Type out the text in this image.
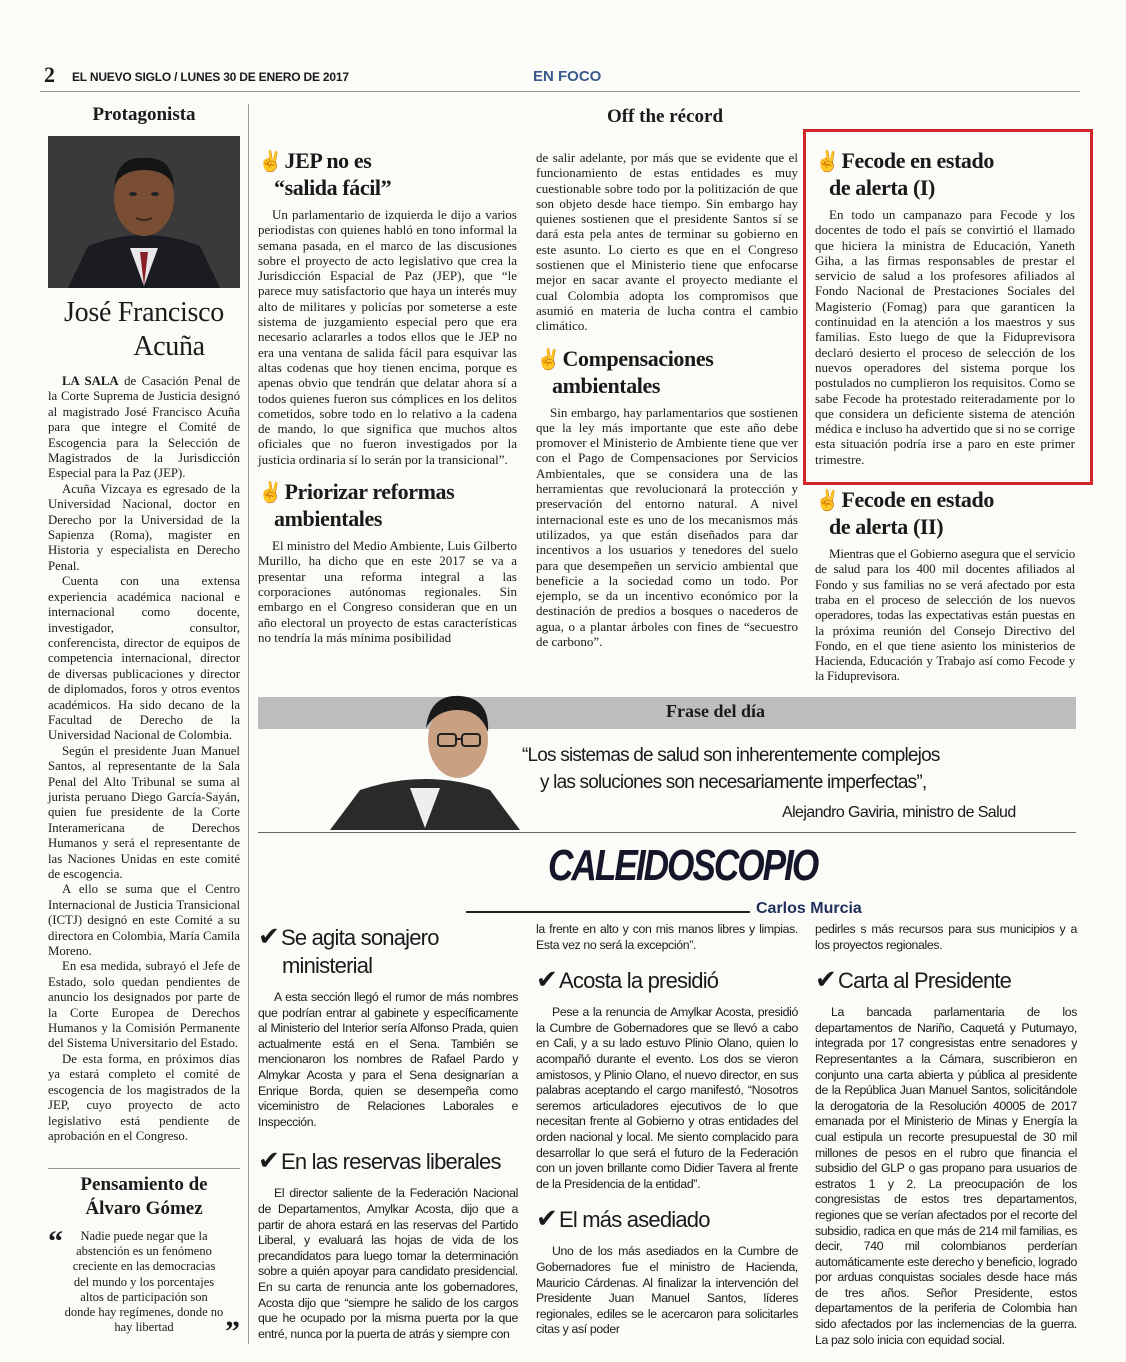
2 EL NUEVO SIGLO / LUNES 30 DE ENERO DE 2017	EN FOCO
Protagonista
José Francisco
Acuña

LA SALA de Casación Penal de la Corte Suprema de Justicia designó al magistrado José Francisco Acuña para que integre el Comité de Escogencia para la Selección de Magistrados de la Jurisdicción Especial para la Paz (JEP).

Acuña Vizcaya es egresado de la Universidad Nacional, doctor en Derecho por la Universidad de la Sapienza (Roma), magister en Historia y especialista en Derecho Penal.

Cuenta con una extensa experiencia académica nacional e internacional como docente, investigador, consultor, conferencista, director de equipos de competencia internacional, director de diversas publicaciones y director de diplomados, foros y otros eventos académicos. Ha sido decano de la Facultad de Derecho de la Universidad Nacional de Colombia.

Según el presidente Juan Manuel Santos, al representante de la Sala Penal del Alto Tribunal se suma al jurista peruano Diego García-Sayán, quien fue presidente de la Corte Interamericana de Derechos Humanos y será el representante de las Naciones Unidas en este comité de escogencia.

A ello se suma que el Centro Internacional de Justicia Transicional (ICTJ) designó en este Comité a su directora en Colombia, María Camila Moreno.

En esa medida, subrayó el Jefe de Estado, solo quedan pendientes de anuncio los designados por parte de la Corte Europea de Derechos Humanos y la Comisión Permanente del Sistema Universitario del Estado.

De esta forma, en próximos días ya estará completo el comité de escogencia de los magistrados de la JEP, cuyo proyecto de acto legislativo está pendiente de aprobación en el Congreso.

Pensamiento de
Álvaro Gómez
“	Nadie puede negar que la abstención es un fenómeno creciente en las democracias del mundo y los porcentajes altos de participación son donde hay regímenes, donde no hay libertad	”
Off the récord
✌JEP no es
“salida fácil”

Un parlamentario de izquierda le dijo a varios periodistas con quienes habló en tono informal la semana pasada, en el marco de las discusiones sobre el proyecto de acto legislativo que crea la Jurisdicción Espacial de Paz (JEP), que “le parece muy satisfactorio que haya un interés muy alto de militares y policías por someterse a este sistema de juzgamiento especial pero que era necesario aclararles a todos ellos que le JEP no era una ventana de salida fácil para esquivar las altas codenas que hoy tienen encima, porque es apenas obvio que tendrán que delatar ahora sí a todos quienes fueron sus cómplices en los delitos cometidos, sobre todo en lo relativo a la cadena de mando, lo que significa que muchos altos oficiales que no fueron investigados por la justicia ordinaria sí lo serán por la transicional”.

✌Priorizar reformas
ambientales

El ministro del Medio Ambiente, Luis Gilberto Murillo, ha dicho que en este 2017 se va a presentar una reforma integral a las corporaciones autónomas regionales. Sin embargo en el Congreso consideran que en un año electoral un proyecto de estas características no tendría la más mínima posibilidad

de salir adelante, por más que se evidente que el funcionamiento de estas entidades es muy cuestionable sobre todo por la politización de que son objeto desde hace tiempo. Sin embargo hay quienes sostienen que el presidente Santos sí se dará esta pela antes de terminar su gobierno en este asunto. Lo cierto es que en el Congreso sostienen que el Ministerio tiene que enfocarse mejor en sacar avante el proyecto mediante el cual Colombia adopta los compromisos que asumió en materia de lucha contra el cambio climático.
✌Compensaciones
ambientales

Sin embargo, hay parlamentarios que sostienen que la ley más importante que este año debe promover el Ministerio de Ambiente tiene que ver con el Pago de Compensaciones por Servicios Ambientales, que se considera una de las herramientas que revolucionará la protección y preservación del entorno natural. A nivel internacional este es uno de los mecanismos más utilizados, ya que están diseñados para dar incentivos a los usuarios y tenedores del suelo para que desempeñen un servicio ambiental que beneficie a la sociedad como un todo. Por ejemplo, se da un incentivo económico por la destinación de predios a bosques o nacederos de agua, o a plantar árboles con fines de “secuestro de carbono”.

✌Fecode en estado
de alerta (I)

En todo un campanazo para Fecode y los docentes de todo el país se convirtió el llamado que hiciera la ministra de Educación, Yaneth Giha, a las firmas responsables de prestar el servicio de salud a los profesores afiliados al Fondo Nacional de Prestaciones Sociales del Magisterio (Fomag) para que garanticen la continuidad en la atención a los maestros y sus familias. Esto luego de que la Fiduprevisora declaró desierto el proceso de selección de los nuevos operadores del sistema porque los postulados no cumplieron los requisitos. Como se sabe Fecode ha protestado reiteradamente por lo que considera un deficiente sistema de atención médica e incluso ha advertido que si no se corrige esta situación podría irse a paro en este primer trimestre.

✌Fecode en estado
de alerta (II)

Mientras que el Gobierno asegura que el servicio de salud para los 400 mil docentes afiliados al Fondo y sus familias no se verá afectado por esta traba en el proceso de selección de los nuevos operadores, todas las expectativas están puestas en la próxima reunión del Consejo Directivo del Fondo, en el que tiene asiento los ministerios de Hacienda, Educación y Trabajo así como Fecode y la Fiduprevisora.

Frase del día
“Los sistemas de salud son inherentemente complejos
y las soluciones son necesariamente imperfectas”,
Alejandro Gaviria, ministro de Salud
CALEIDOSCOPIO
Carlos Murcia
✔Se agita sonajero
ministerial

A esta sección llegó el rumor de más nombres que podrían entrar al gabinete y específicamente al Ministerio del Interior sería Alfonso Prada, quien actualmente está en el Sena. También se mencionaron los nombres de Rafael Pardo y Almykar Acosta y para el Sena designarían a Enrique Borda, quien se desempeña como viceministro de Relaciones Laborales e Inspección.

✔En las reservas liberales

El director saliente de la Federación Nacional de Departamentos, Amylkar Acosta, dijo que a partir de ahora estará en las reservas del Partido Liberal, y evaluará las hojas de vida de los precandidatos para luego tomar la determinación sobre a quién apoyar para candidato presidencial. En su carta de renuncia ante los gobernadores, Acosta dijo que “siempre he salido de los cargos que he ocupado por la misma puerta por la que entré, nunca por la puerta de atrás y siempre con

la frente en alto y con mis manos libres y limpias. Esta vez no será la excepción”.
✔Acosta la presidió

Pese a la renuncia de Amylkar Acosta, presidió la Cumbre de Gobernadores que se llevó a cabo en Cali, y a su lado estuvo Plinio Olano, quien lo acompañó durante el evento. Los dos se vieron amistosos, y Plinio Olano, el nuevo director, en sus palabras aceptando el cargo manifestó, “Nosotros seremos articuladores ejecutivos de lo que necesitan frente al Gobierno y otras entidades del orden nacional y local. Me siento complacido para desarrollar lo que será el futuro de la Federación con un joven brillante como Didier Tavera al frente de la Presidencia de la entidad”.

✔El más asediado

Uno de los más asediados en la Cumbre de Gobernadores fue el ministro de Hacienda, Mauricio Cárdenas. Al finalizar la intervención del Presidente Juan Manuel Santos, líderes regionales, ediles se le acercaron para solicitarles citas y así poder

pedirles s más recursos para sus municipios y a los proyectos regionales.
✔Carta al Presidente

La bancada parlamentaria de los departamentos de Nariño, Caquetá y Putumayo, integrada por 17 congresistas entre senadores y Representantes a la Cámara, suscribieron en conjunto una carta abierta y pública al presidente de la República Juan Manuel Santos, solicitándole la derogatoria de la Resolución 40005 de 2017 emanada por el Ministerio de Minas y Energía la cual estipula un recorte presupuestal de 30 mil millones de pesos en el rubro que financia el subsidio del GLP o gas propano para usuarios de estratos 1 y 2. La preocupación de los congresistas de estos tres departamentos, regiones que se verían afectados por el recorte del subsidio, radica en que más de 214 mil familias, es decir, 740 mil colombianos perderían automáticamente este derecho y beneficio, logrado por arduas conquistas sociales desde hace más de tres años. Señor Presidente, estos departamentos de la periferia de Colombia han sido afectados por las inclemencias de la guerra. La paz solo inicia con equidad social.
